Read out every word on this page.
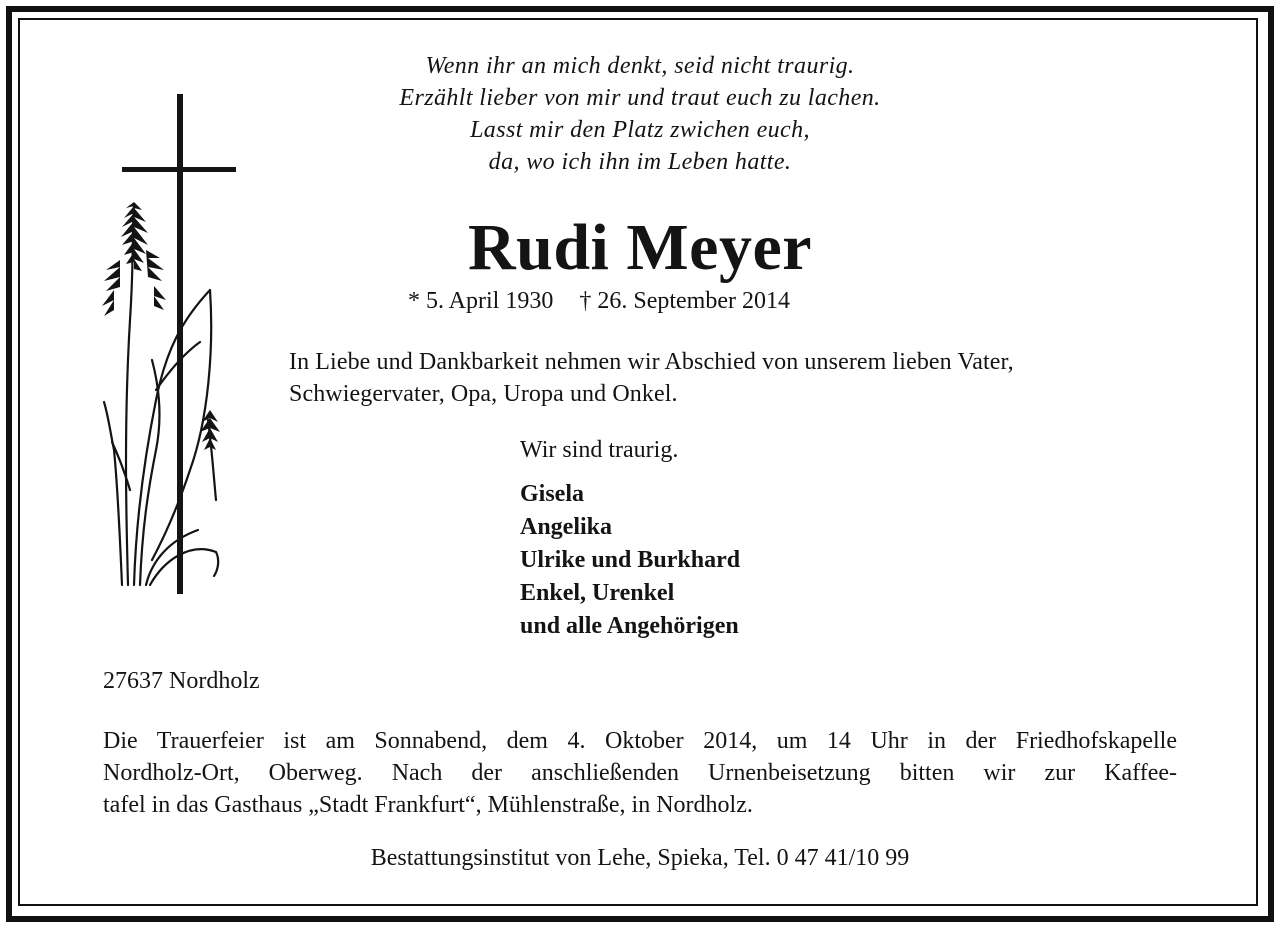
Wenn ihr an mich denkt, seid nicht traurig.
Erzählt lieber von mir und traut euch zu lachen.
Lasst mir den Platz zwichen euch,
da, wo ich ihn im Leben hatte.
Rudi Meyer
* 5. April 1930 † 26. September 2014
In Liebe und Dankbarkeit nehmen wir Abschied von unserem lieben Vater,
Schwiegervater, Opa, Uropa und Onkel.
Wir sind traurig.
Gisela
Angelika
Ulrike und Burkhard
Enkel, Urenkel
und alle Angehörigen
27637 Nordholz
Die Trauerfeier ist am Sonnabend, dem 4. Oktober 2014, um 14 Uhr in der Friedhofskapelle
Nordholz-Ort, Oberweg. Nach der anschließenden Urnenbeisetzung bitten wir zur Kaffee-
tafel in das Gasthaus „Stadt Frankfurt“, Mühlenstraße, in Nordholz.
Bestattungsinstitut von Lehe, Spieka, Tel. 0 47 41/10 99
